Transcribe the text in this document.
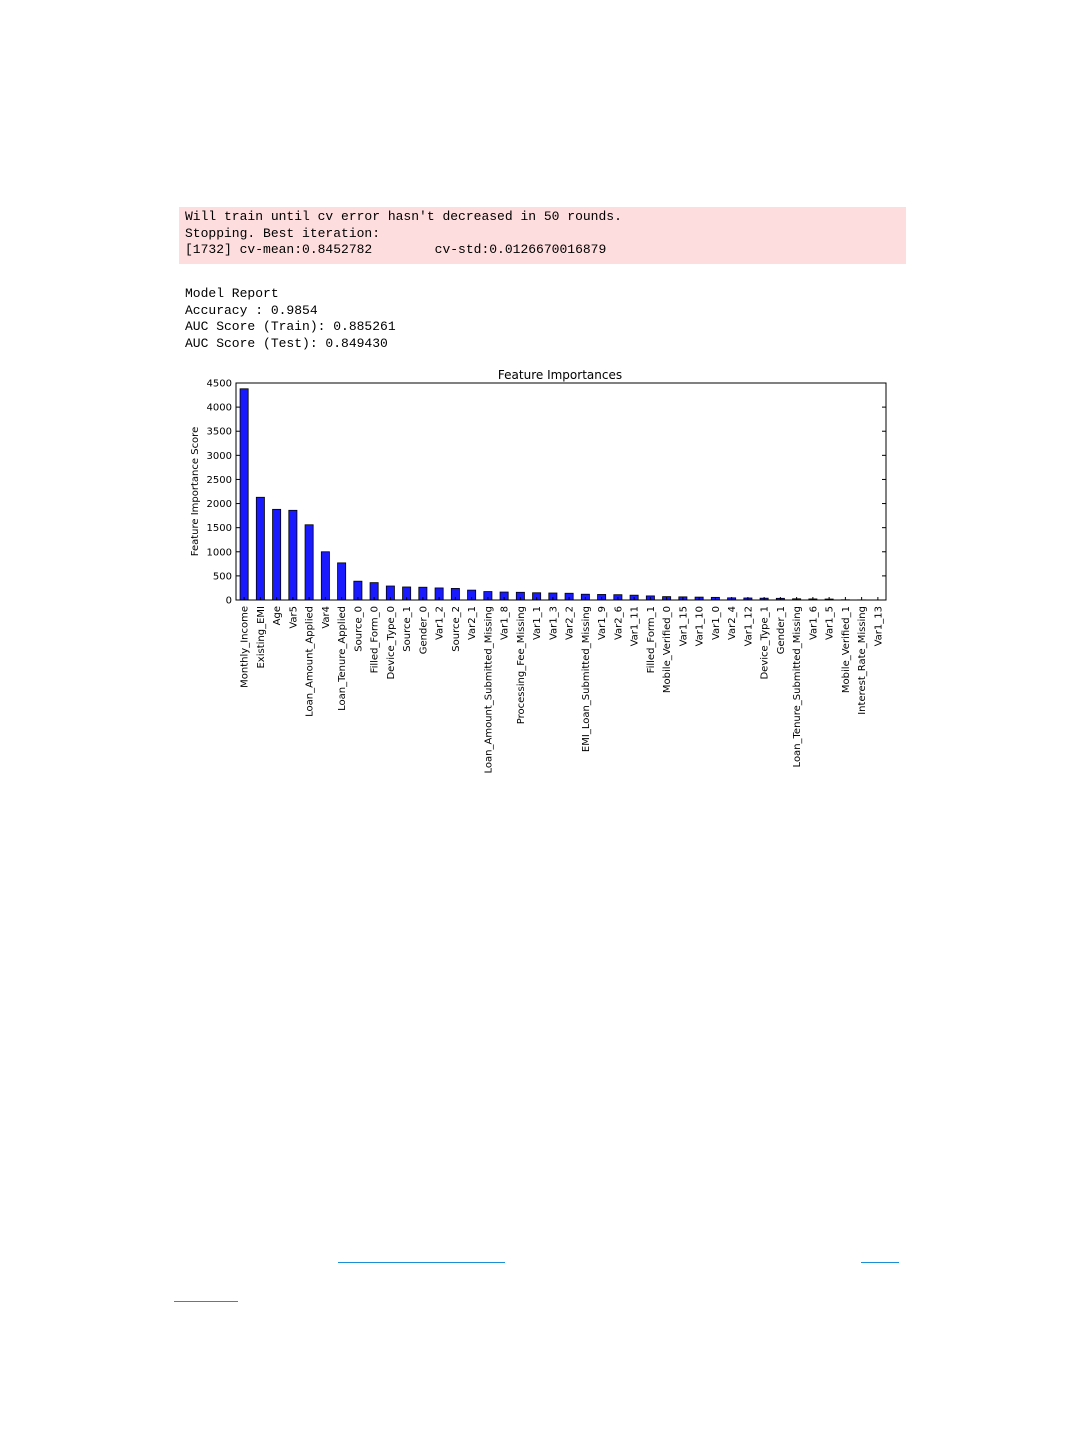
Will train until cv error hasn't decreased in 50 rounds.
Stopping. Best iteration:
[1732] cv-mean:0.8452782        cv-std:0.0126670016879
Model Report
Accuracy : 0.9854
AUC Score (Train): 0.885261
AUC Score (Test): 0.849430
Feature Importances
Feature Importance Score
0
500
1000
1500
2000
2500
3000
3500
4000
4500
Monthly_Income Existing_EMI Age Var5 Loan_Amount_Applied Var4 Loan_Tenure_Applied Source_0 Filled_Form_0 Device_Type_0 Source_1 Gender_0 Var1_2 Source_2 Var2_1 Loan_Amount_Submitted_Missing Var1_8 Processing_Fee_Missing Var1_1 Var1_3 Var2_2 EMI_Loan_Submitted_Missing Var1_9 Var2_6 Var1_11 Filled_Form_1 Mobile_Verified_0 Var1_15 Var1_10 Var1_0 Var2_4 Var1_12 Device_Type_1 Gender_1 Loan_Tenure_Submitted_Missing Var1_6 Var1_5 Mobile_Verified_1 Interest_Rate_Missing Var1_13
